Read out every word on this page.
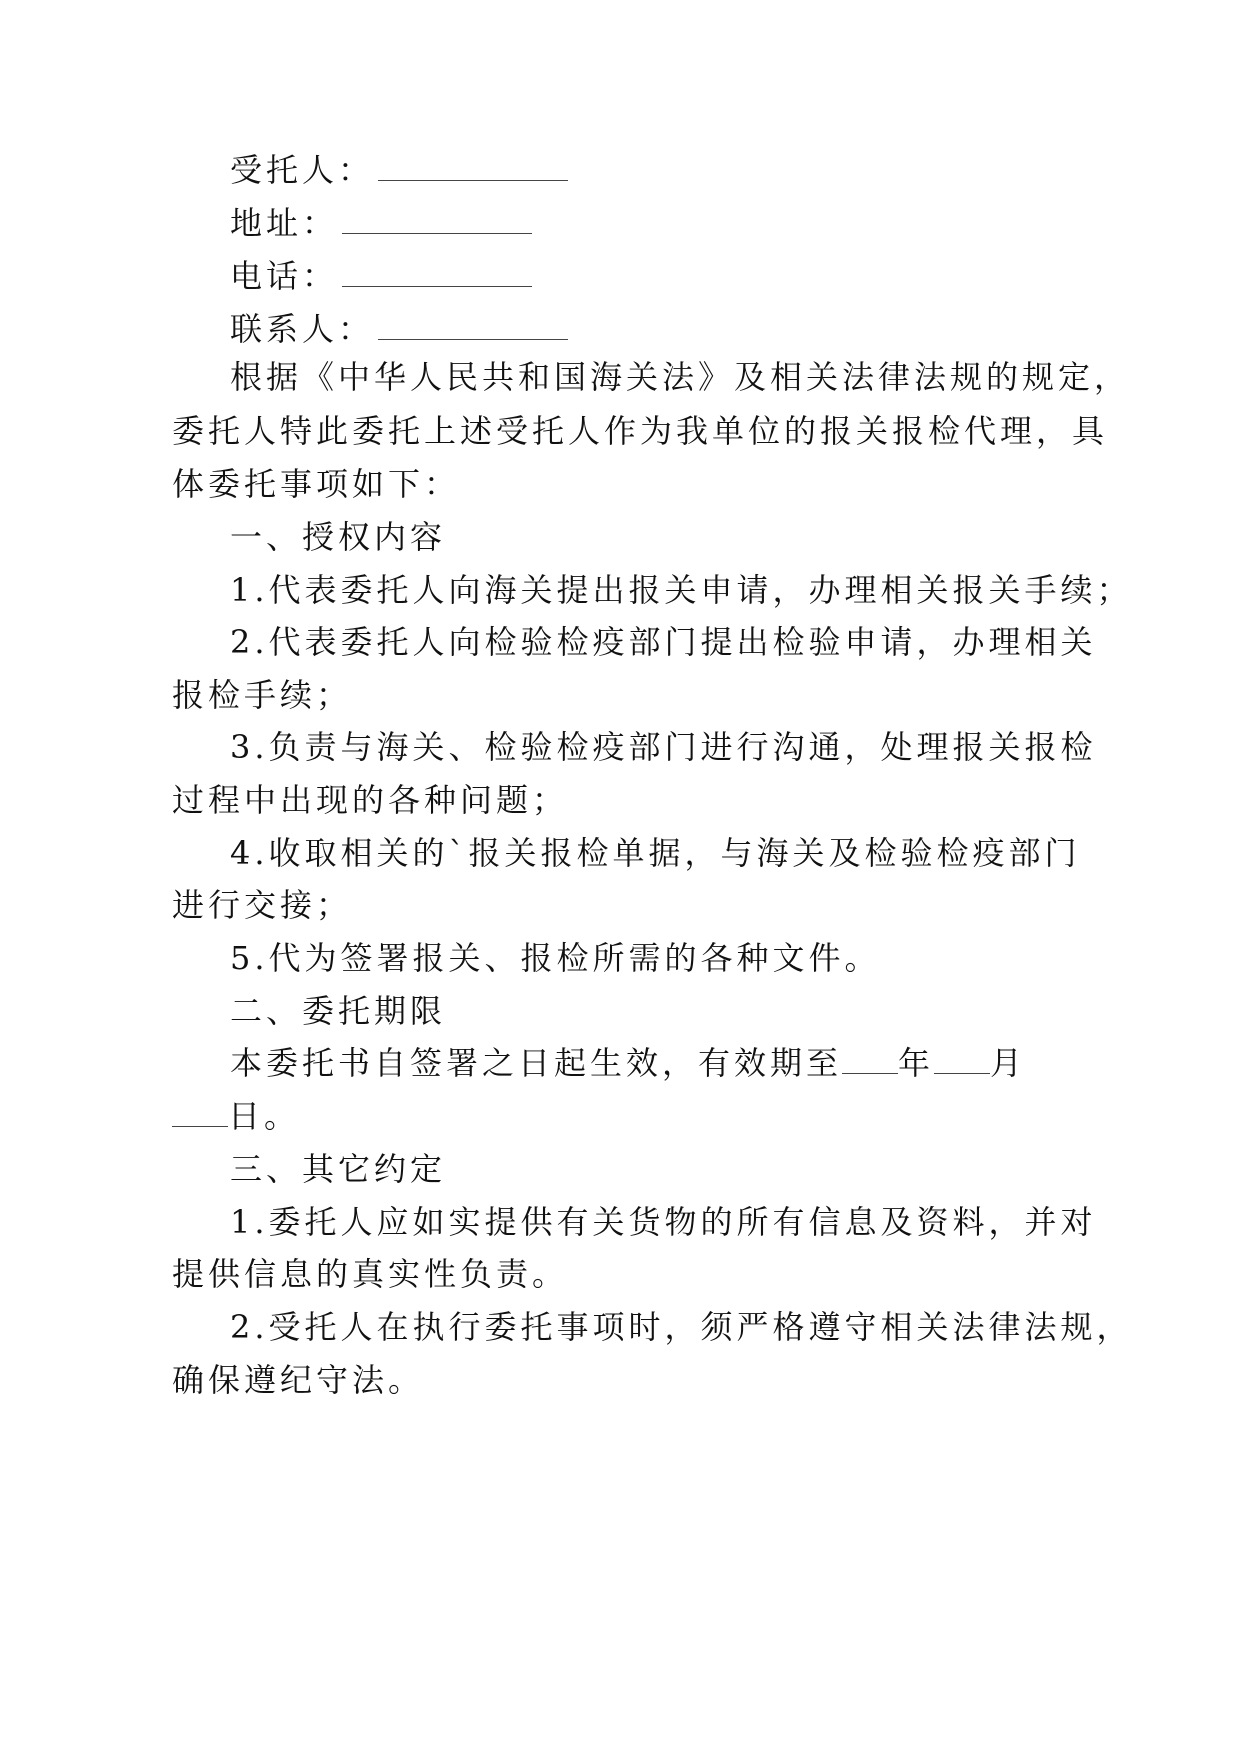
受托人：
地址：
电话：
联系人：
根据《中华人民共和国海关法》及相关法律法规的规定，
委托人特此委托上述受托人作为我单位的报关报检代理，具
体委托事项如下：
一、授权内容
1.代表委托人向海关提出报关申请，办理相关报关手续；
2.代表委托人向检验检疫部门提出检验申请，办理相关
报检手续；
3.负责与海关、检验检疫部门进行沟通，处理报关报检
过程中出现的各种问题；
4.收取相关的`报关报检单据，与海关及检验检疫部门
进行交接；
5.代为签署报关、报检所需的各种文件。
二、委托期限
本委托书自签署之日起生效，有效期至 年 月
日。
三、其它约定
1.委托人应如实提供有关货物的所有信息及资料，并对
提供信息的真实性负责。
2.受托人在执行委托事项时，须严格遵守相关法律法规，
确保遵纪守法。
